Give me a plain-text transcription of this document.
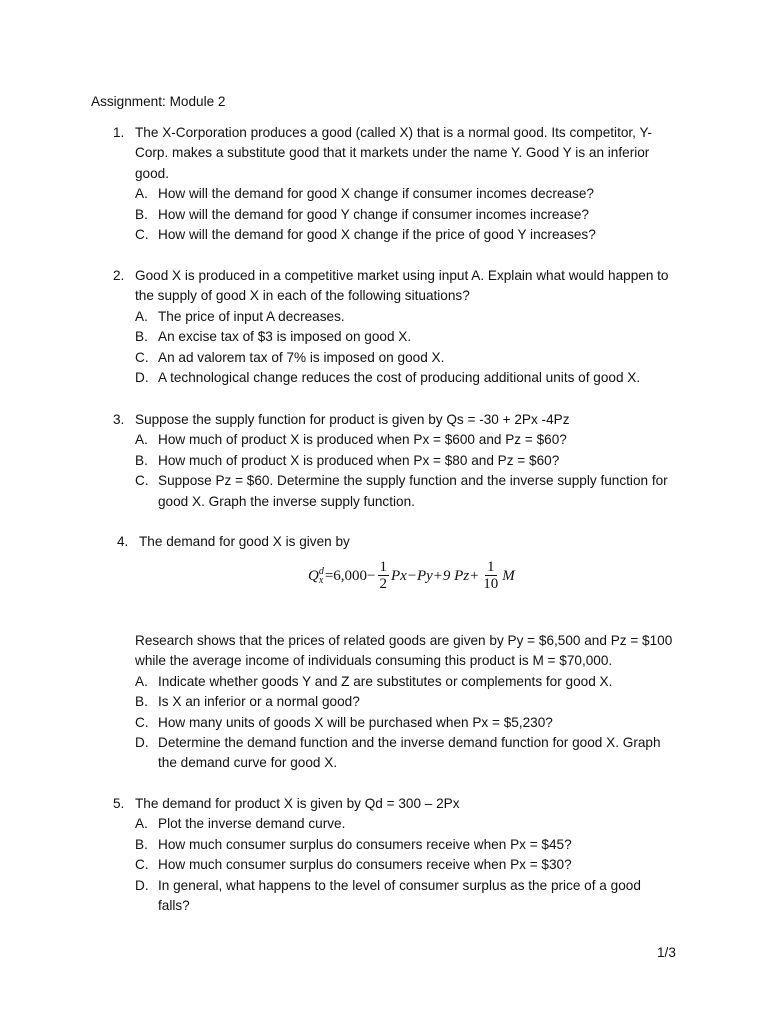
Assignment: Module 2
1. The X-Corporation produces a good (called X) that is a normal good. Its competitor, Y-Corp. makes a substitute good that it markets under the name Y. Good Y is an inferior good.
A. How will the demand for good X change if consumer incomes decrease?
B. How will the demand for good Y change if consumer incomes increase?
C. How will the demand for good X change if the price of good Y increases?
2. Good X is produced in a competitive market using input A. Explain what would happen to the supply of good X in each of the following situations?
A. The price of input A decreases.
B. An excise tax of $3 is imposed on good X.
C. An ad valorem tax of 7% is imposed on good X.
D. A technological change reduces the cost of producing additional units of good X.
3. Suppose the supply function for product is given by Qs = -30 + 2Px -4Pz
A. How much of product X is produced when Px = $600 and Pz = $60?
B. How much of product X is produced when Px = $80 and Pz = $60?
C. Suppose Pz = $60. Determine the supply function and the inverse supply function for good X. Graph the inverse supply function.
4. The demand for good X is given by
Q d
$x =6,000- \frac{1}{2} Px-Py+9$ $Pz+ \frac{1}{10}$ M
Research shows that the prices of related goods are given by Py = $6,500 and Pz = $100 while the average income of individuals consuming this product is M = $70,000.
A. Indicate whether goods Y and Z are substitutes or complements for good X.
B. Is X an inferior or a normal good?
C. How many units of goods X will be purchased when Px = $5,230?
D. Determine the demand function and the inverse demand function for good X. Graph the demand curve for good X.
5. The demand for product X is given by Qd = 300 – 2Px
A. Plot the inverse demand curve.
B. How much consumer surplus do consumers receive when Px = $45?
C. How much consumer surplus do consumers receive when Px = $30?
D. In general, what happens to the level of consumer surplus as the price of a good falls?
1/3
